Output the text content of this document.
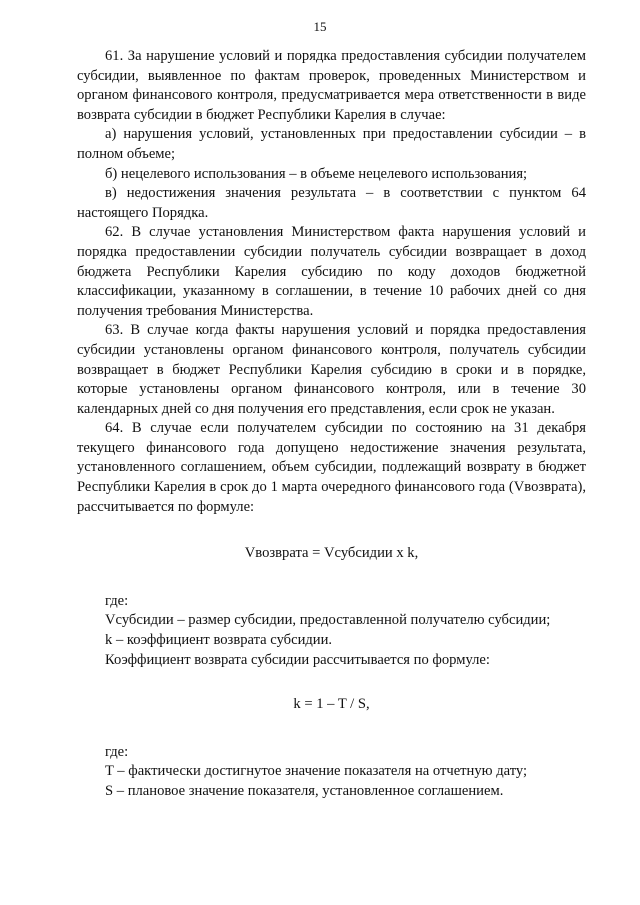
15

61. За нарушение условий и порядка предоставления субсидии получателем субсидии, выявленное по фактам проверок, проведенных Министерством и органом финансового контроля, предусматривается мера ответственности в виде возврата субсидии в бюджет Республики Карелия в случае:

а) нарушения условий, установленных при предоставлении субсидии – в полном объеме;

б) нецелевого использования – в объеме нецелевого использования;

в) недостижения значения результата – в соответствии с пунктом 64 настоящего Порядка.

62. В случае установления Министерством факта нарушения условий и порядка предоставлении субсидии получатель субсидии возвращает в доход бюджета Республики Карелия субсидию по коду доходов бюджетной классификации, указанному в соглашении, в течение 10 рабочих дней со дня получения требования Министерства.

63. В случае когда факты нарушения условий и порядка предоставления субсидии установлены органом финансового контроля, получатель субсидии возвращает в бюджет Республики Карелия субсидию в сроки и в порядке, которые установлены органом финансового контроля, или в течение 30 календарных дней со дня получения его представления, если срок не указан.

64. В случае если получателем субсидии по состоянию на 31 декабря текущего финансового года допущено недостижение значения результата, установленного соглашением, объем субсидии, подлежащий возврату в бюджет Республики Карелия в срок до 1 марта очередного финансового года (Vвозврата), рассчитывается по формуле:

Vвозврата = Vсубсидии x k,

где:

Vсубсидии – размер субсидии, предоставленной получателю субсидии;

k – коэффициент возврата субсидии.

Коэффициент возврата субсидии рассчитывается по формуле:

k = 1 – T / S,

где:

T – фактически достигнутое значение показателя на отчетную дату;

S – плановое значение показателя, установленное соглашением.
